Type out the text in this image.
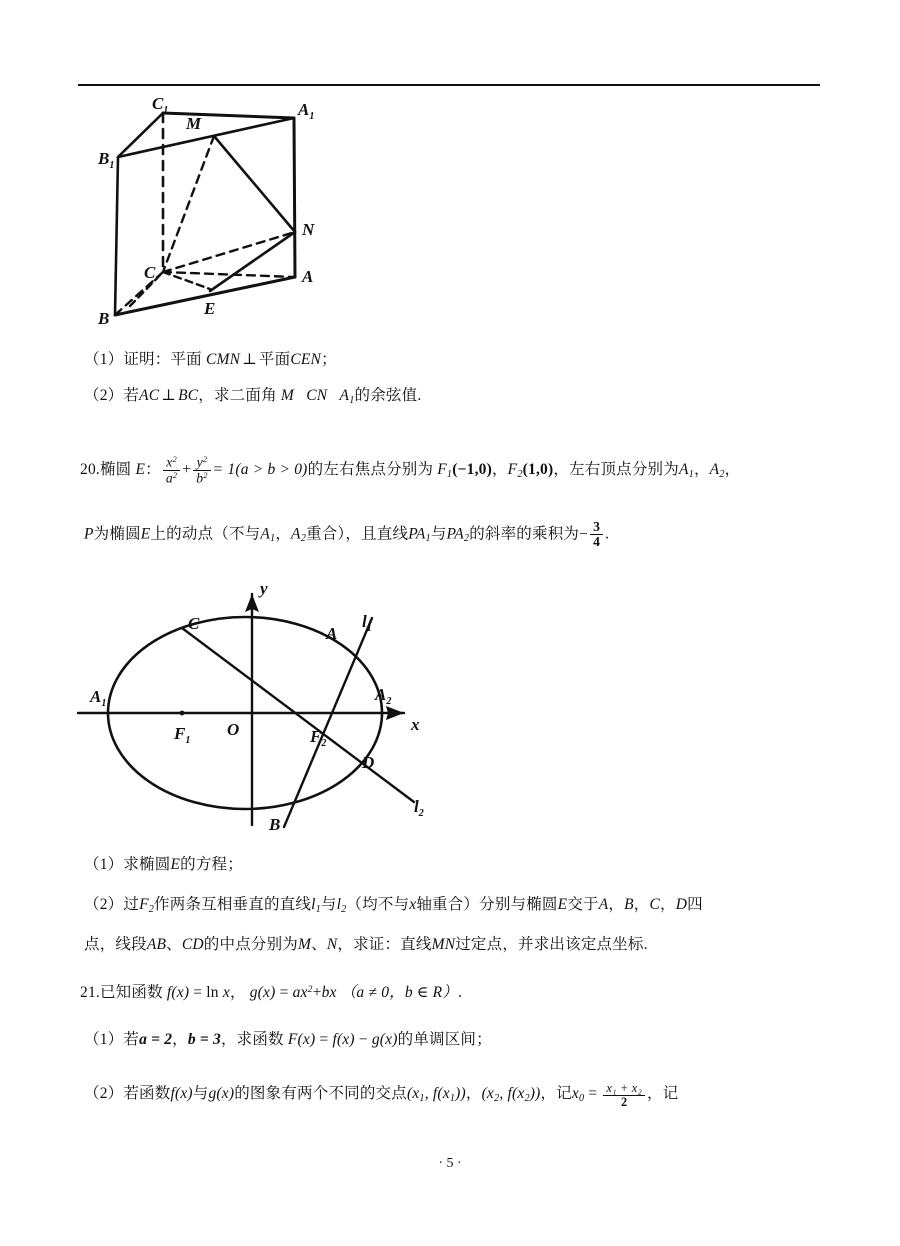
$C_1$	$A_1$
$B_1$
M
N
A
C
B
E
（1）证明：平面 CMN ⊥ 平面CEN；
（2）若AC ⊥ BC，求二面角 M CN $A_1$的余弦值.
20.椭圆 E： $\frac{x^2}{a^2} + \frac{y^2}{b^2} = 1(a > b > 0)$的左右焦点分别为 $F_1(-1,0)$，$F_2(1,0)$，左右顶点分别为$A_1$，$A_2$，
P为椭圆E上的动点（不与$A_1$，$A_2$重合），且直线$PA_1$与$PA_2$的斜率的乘积为− $\frac{3}{4}$ .
$A_1$	$A_2$
$F_1$	$F_2$
O	x
y
C
A
B
D
$l_1$
$l_2$
（1）求椭圆E的方程；
（2）过$F_2$作两条互相垂直的直线$l_1$与$l_2$（均不与x轴重合）分别与椭圆E交于A，B，C，D四
点，线段AB、CD的中点分别为M、N，求证：直线MN过定点，并求出该定点坐标.
21.已知函数 f(x) = ln x， $g(x) = ax^2+bx$ （a ≠ 0，b ∈ R）.
（1）若a = 2，b = 3，求函数 F(x) = f(x) − g(x)的单调区间；
（2）若函数f(x)与g(x)的图象有两个不同的交点($x_1$, $f(x_1)$)，($x_2$, $f(x_2)$)，记$x_0 = \frac{\text{x₁ + x₂}}{2}$ ，记
· 5 ·
